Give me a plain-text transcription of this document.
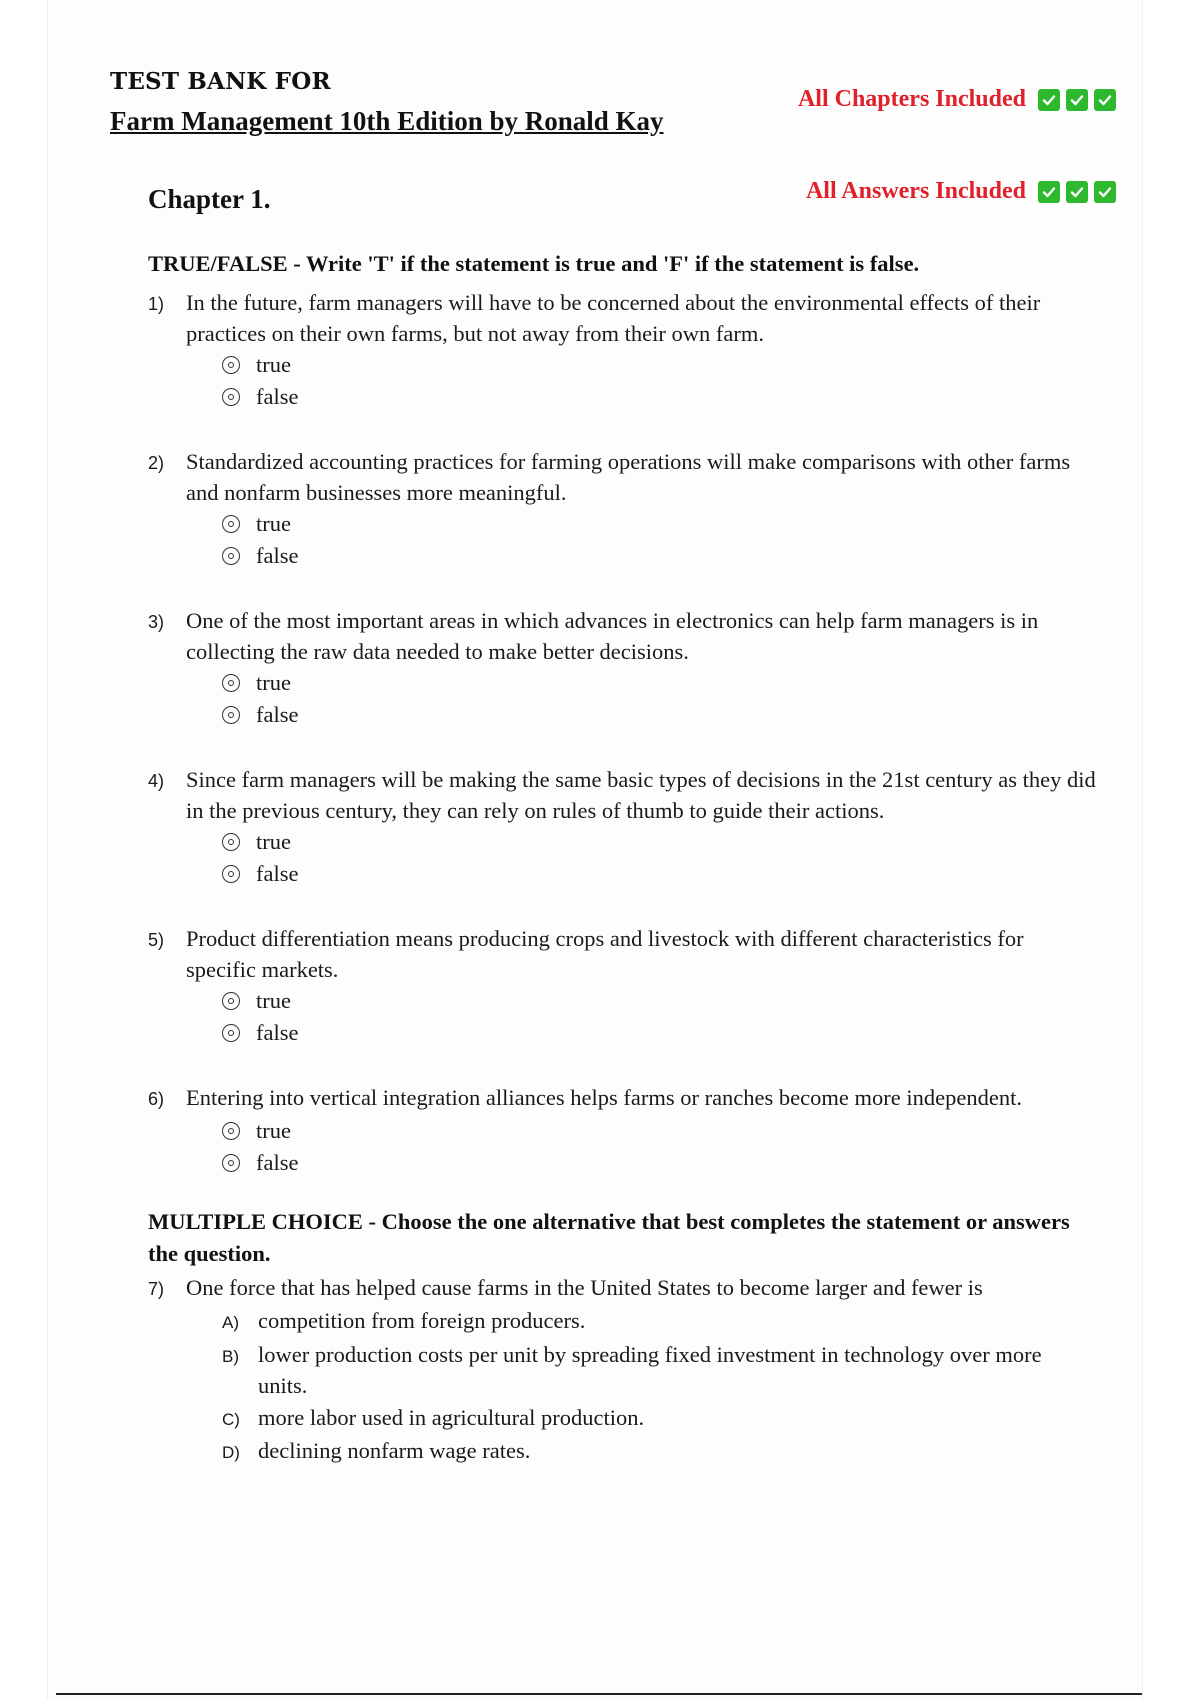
TEST BANK FOR
Farm Management 10th Edition by Ronald Kay
All Chapters Included
All Answers Included
Chapter 1.
TRUE/FALSE - Write 'T' if the statement is true and 'F' if the statement is false.
1) In the future, farm managers will have to be concerned about the environmental effects of their practices on their own farms, but not away from their own farm.
true
false
2) Standardized accounting practices for farming operations will make comparisons with other farms and nonfarm businesses more meaningful.
true
false
3) One of the most important areas in which advances in electronics can help farm managers is in collecting the raw data needed to make better decisions.
true
false
4) Since farm managers will be making the same basic types of decisions in the 21st century as they did in the previous century, they can rely on rules of thumb to guide their actions.
true
false
5) Product differentiation means producing crops and livestock with different characteristics for specific markets.
true
false
6) Entering into vertical integration alliances helps farms or ranches become more independent.
true
false
MULTIPLE CHOICE - Choose the one alternative that best completes the statement or answers the question.
7) One force that has helped cause farms in the United States to become larger and fewer is
A) competition from foreign producers.
B) lower production costs per unit by spreading fixed investment in technology over more units.
C) more labor used in agricultural production.
D) declining nonfarm wage rates.
